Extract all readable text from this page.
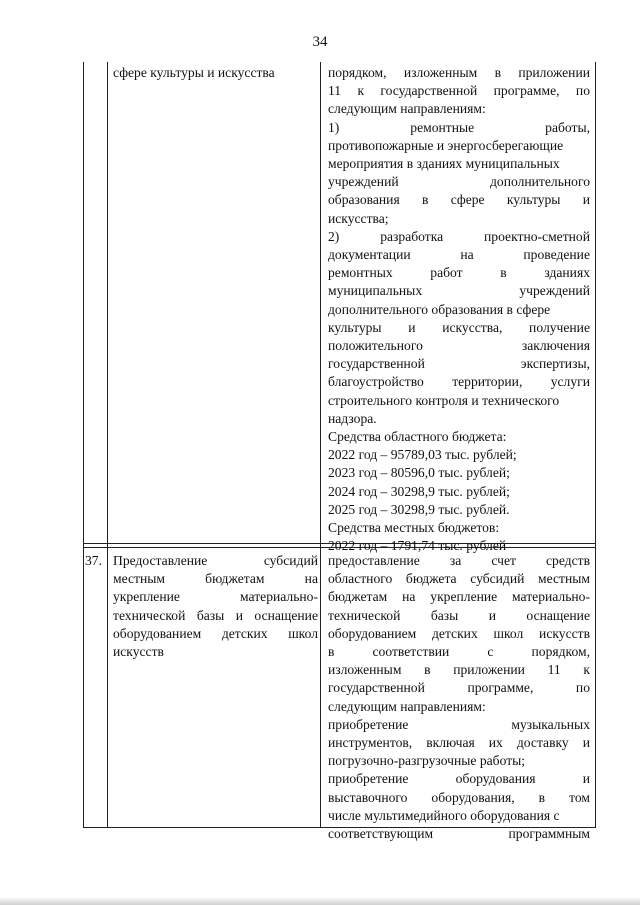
34
сфере культуры и искусства	порядком, изложенным в приложении
11 к государственной программе, по
следующим направлениям:
1) ремонтные работы,
противопожарные и энергосберегающие
мероприятия в зданиях муниципальных
учреждений дополнительного
образования в сфере культуры и
искусства;
2) разработка проектно-сметной
документации на проведение
ремонтных работ в зданиях
муниципальных учреждений
дополнительного образования в сфере
культуры и искусства, получение
положительного заключения
государственной экспертизы,
благоустройство территории, услуги
строительного контроля и технического
надзора.
Средства областного бюджета:
2022 год – 95789,03 тыс. рублей;
2023 год – 80596,0 тыс. рублей;
2024 год – 30298,9 тыс. рублей;
2025 год – 30298,9 тыс. рублей.
Средства местных бюджетов:
2022 год – 1791,74 тыс. рублей
37. Предоставление субсидий
местным бюджетам на
укрепление материально-
технической базы и оснащение
оборудованием детских школ
искусств
предоставление за счет средств
областного бюджета субсидий местным
бюджетам на укрепление материально-
технической базы и оснащение
оборудованием детских школ искусств
в соответствии с порядком,
изложенным в приложении 11 к
государственной программе, по
следующим направлениям:
приобретение музыкальных
инструментов, включая их доставку и
погрузочно-разгрузочные работы;
приобретение оборудования и
выставочного оборудования, в том
числе мультимедийного оборудования с
соответствующим программным
